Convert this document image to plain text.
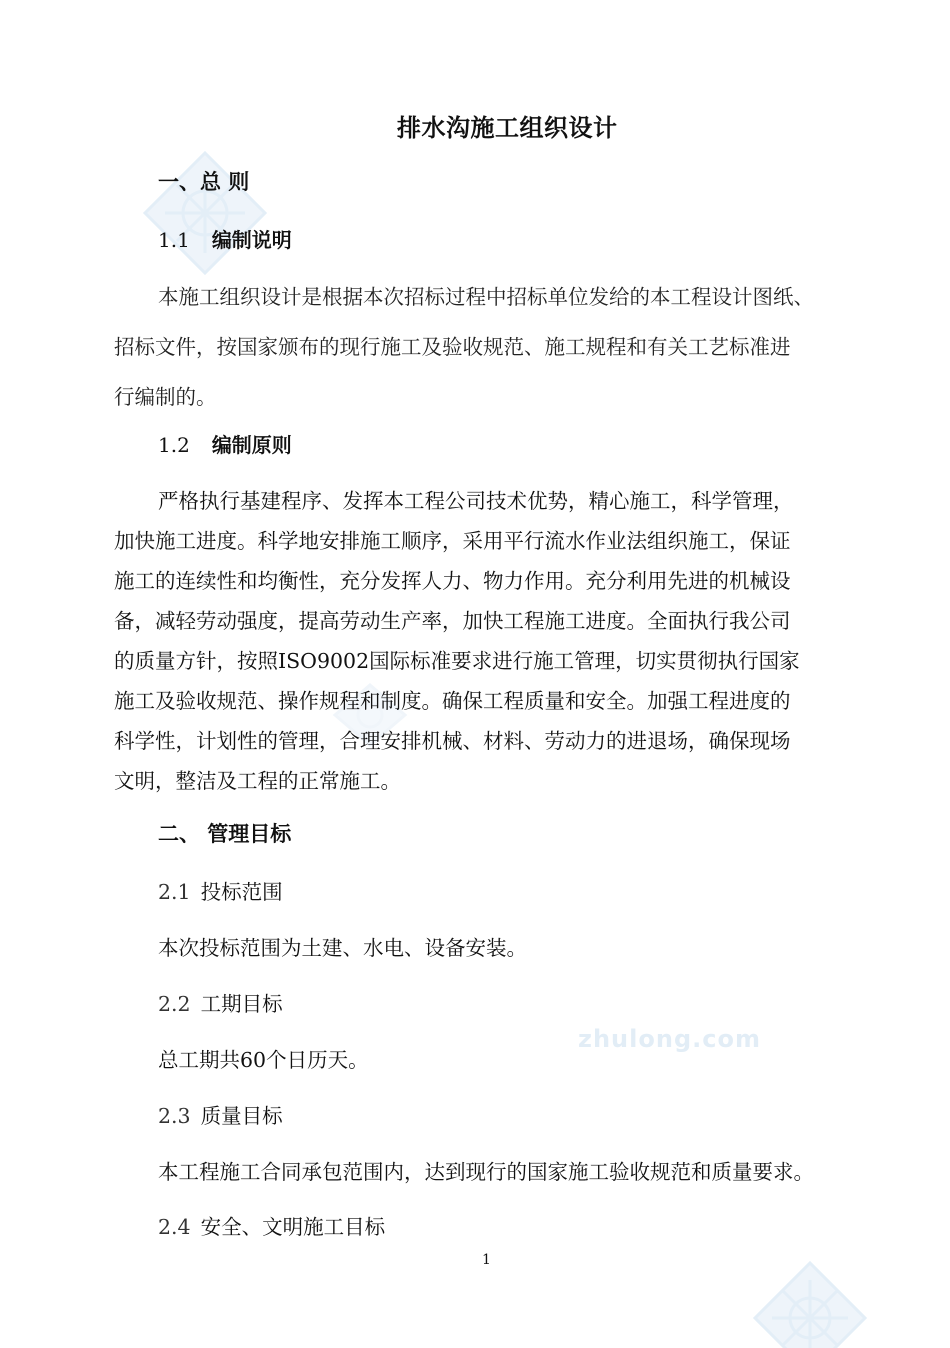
zhulong.com
排水沟施工组织设计
一、总 则
1.1 编制说明
本施工组织设计是根据本次招标过程中招标单位发给的本工程设计图纸、
招标文件，按国家颁布的现行施工及验收规范、施工规程和有关工艺标准进
行编制的。
1.2 编制原则
严格执行基建程序、发挥本工程公司技术优势，精心施工，科学管理，
加快施工进度。科学地安排施工顺序，采用平行流水作业法组织施工，保证
施工的连续性和均衡性，充分发挥人力、物力作用。充分利用先进的机械设
备，减轻劳动强度，提高劳动生产率，加快工程施工进度。全面执行我公司
的质量方针，按照ISO9002国际标准要求进行施工管理，切实贯彻执行国家
施工及验收规范、操作规程和制度。确保工程质量和安全。加强工程进度的
科学性，计划性的管理，合理安排机械、材料、劳动力的进退场，确保现场
文明，整洁及工程的正常施工。
二、 管理目标
2.1 投标范围
本次投标范围为土建、水电、设备安装。
2.2 工期目标
总工期共60个日历天。
2.3 质量目标
本工程施工合同承包范围内，达到现行的国家施工验收规范和质量要求。
2.4 安全、文明施工目标
1
